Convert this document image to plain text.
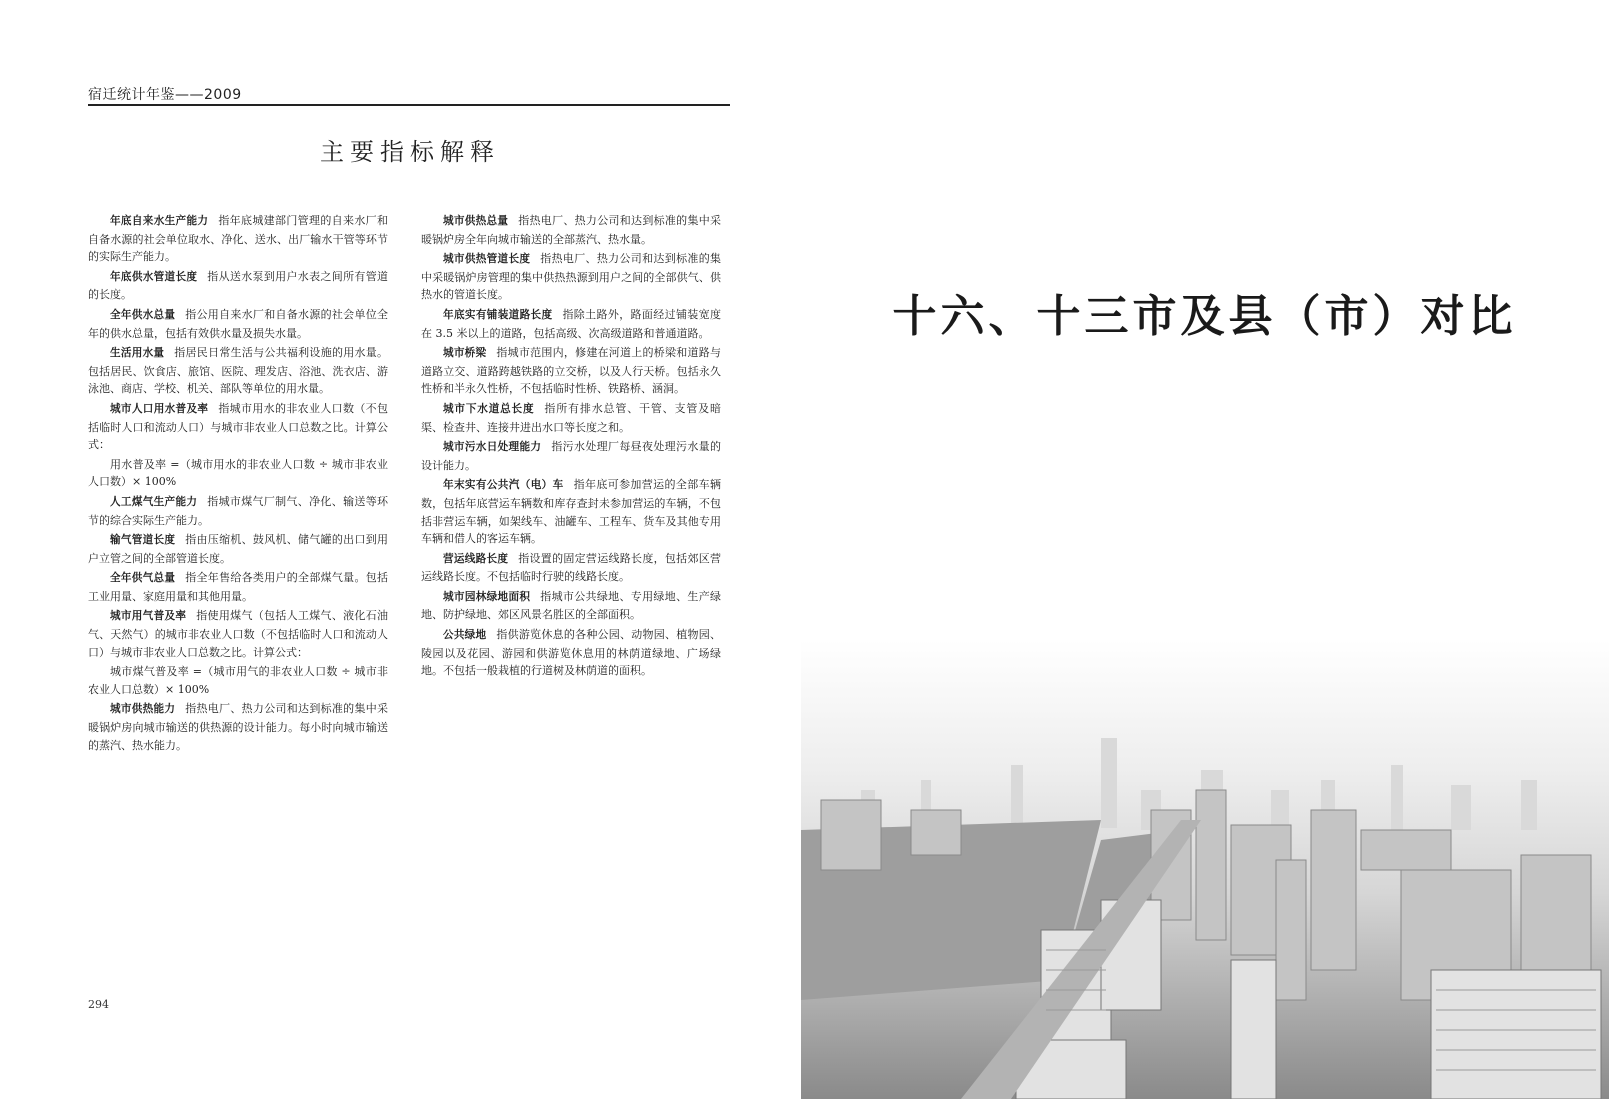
宿迁统计年鉴——2009
主要指标解释

年底自来水生产能力 指年底城建部门管理的自来水厂和自备水源的社会单位取水、净化、送水、出厂输水干管等环节的实际生产能力。

年底供水管道长度 指从送水泵到用户水表之间所有管道的长度。

全年供水总量 指公用自来水厂和自备水源的社会单位全年的供水总量，包括有效供水量及损失水量。

生活用水量 指居民日常生活与公共福利设施的用水量。包括居民、饮食店、旅馆、医院、理发店、浴池、洗衣店、游泳池、商店、学校、机关、部队等单位的用水量。

城市人口用水普及率 指城市用水的非农业人口数（不包括临时人口和流动人口）与城市非农业人口总数之比。计算公式：

用水普及率 =（城市用水的非农业人口数 ÷ 城市非农业人口数）× 100%

人工煤气生产能力 指城市煤气厂制气、净化、输送等环节的综合实际生产能力。

输气管道长度 指由压缩机、鼓风机、储气罐的出口到用户立管之间的全部管道长度。

全年供气总量 指全年售给各类用户的全部煤气量。包括工业用量、家庭用量和其他用量。

城市用气普及率 指使用煤气（包括人工煤气、液化石油气、天然气）的城市非农业人口数（不包括临时人口和流动人口）与城市非农业人口总数之比。计算公式：

城市煤气普及率 =（城市用气的非农业人口数 ÷ 城市非农业人口总数）× 100%

城市供热能力 指热电厂、热力公司和达到标准的集中采暖锅炉房向城市输送的供热源的设计能力。每小时向城市输送的蒸汽、热水能力。

城市供热总量 指热电厂、热力公司和达到标准的集中采暖锅炉房全年向城市输送的全部蒸汽、热水量。

城市供热管道长度 指热电厂、热力公司和达到标准的集中采暖锅炉房管理的集中供热热源到用户之间的全部供气、供热水的管道长度。

年底实有铺装道路长度 指除土路外，路面经过铺装宽度在 3.5 米以上的道路，包括高级、次高级道路和普通道路。

城市桥梁 指城市范围内，修建在河道上的桥梁和道路与道路立交、道路跨越铁路的立交桥，以及人行天桥。包括永久性桥和半永久性桥，不包括临时性桥、铁路桥、涵洞。

城市下水道总长度 指所有排水总管、干管、支管及暗渠、检查井、连接井进出水口等长度之和。

城市污水日处理能力 指污水处理厂每昼夜处理污水量的设计能力。

年末实有公共汽（电）车 指年底可参加营运的全部车辆数，包括年底营运车辆数和库存查封未参加营运的车辆，不包括非营运车辆，如架线车、油罐车、工程车、货车及其他专用车辆和借人的客运车辆。

营运线路长度 指设置的固定营运线路长度，包括郊区营运线路长度。不包括临时行驶的线路长度。

城市园林绿地面积 指城市公共绿地、专用绿地、生产绿地、防护绿地、郊区风景名胜区的全部面积。

公共绿地 指供游览休息的各种公园、动物园、植物园、陵园以及花园、游园和供游览休息用的林荫道绿地、广场绿地。不包括一般栽植的行道树及林荫道的面积。

294
十六、十三市及县（市）对比
